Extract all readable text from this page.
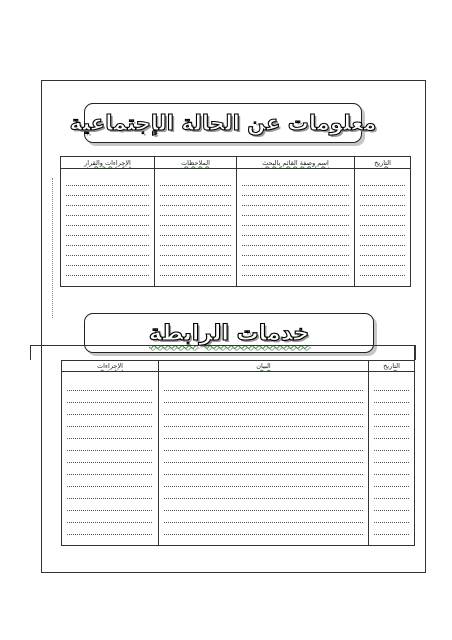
معلومات عن الحالة الإجتماعية
التاريخ	اسم وصفة القائم بالبحث	الملاحظات	الإجراءات والقرار

خدمات الرابطة
التاريخ	البيان	الإجراءات
